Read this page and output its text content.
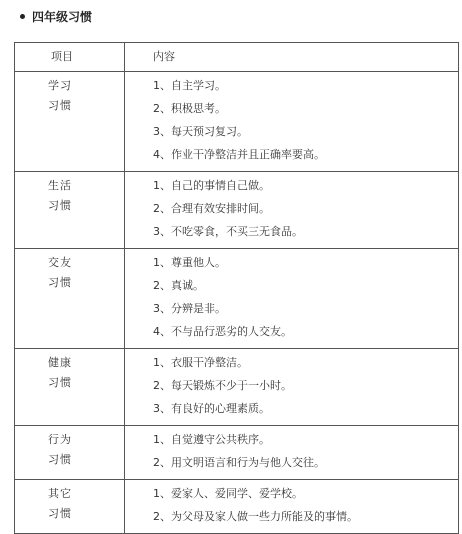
四年级习惯
项目	内容

学习
习惯	1、自主学习。
2、积极思考。
3、每天预习复习。
4、作业干净整洁并且正确率要高。

生活
习惯	1、自己的事情自己做。
2、合理有效安排时间。
3、不吃零食，不买三无食品。

交友
习惯	1、尊重他人。
2、真诚。
3、分辨是非。
4、不与品行恶劣的人交友。

健康
习惯	1、衣服干净整洁。
2、每天锻炼不少于一小时。
3、有良好的心理素质。

行为
习惯	1、自觉遵守公共秩序。
2、用文明语言和行为与他人交往。

其它
习惯	1、爱家人、爱同学、爱学校。
2、为父母及家人做一些力所能及的事情。
